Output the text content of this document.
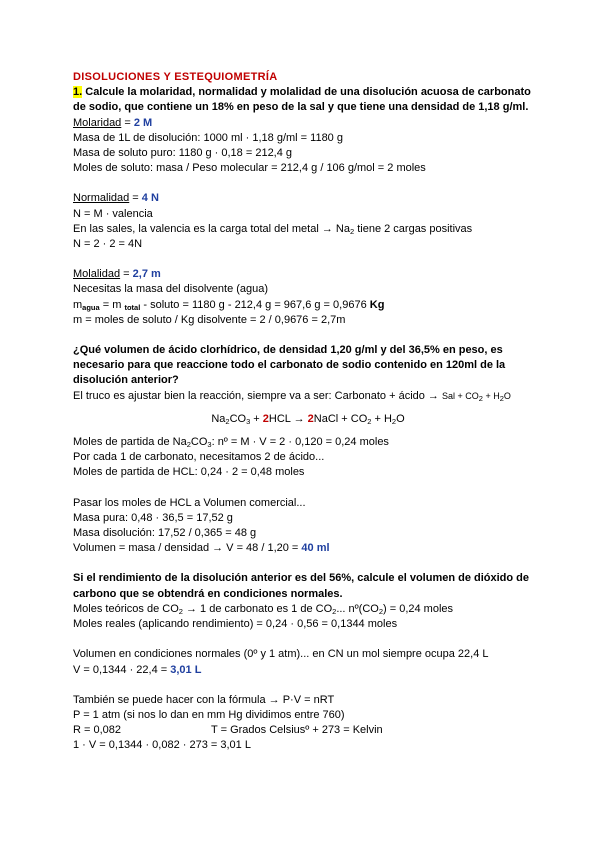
DISOLUCIONES Y ESTEQUIOMETRÍA
1. Calcule la molaridad, normalidad y molalidad de una disolución acuosa de carbonato de sodio, que contiene un 18% en peso de la sal y que tiene una densidad de 1,18 g/ml.
Molaridad = 2 M
Masa de 1L de disolución: 1000 ml · 1,18 g/ml = 1180 g
Masa de soluto puro: 1180 g · 0,18 = 212,4 g
Moles de soluto: masa / Peso molecular = 212,4 g / 106 g/mol = 2 moles
Normalidad = 4 N
N = M · valencia
En las sales, la valencia es la carga total del metal → $Na_2$ tiene 2 cargas positivas
N = 2 · 2 = 4N
Molalidad = 2,7 m
Necesitas la masa del disolvente (agua)
$m_{agua} = m$ $_{total}$ - soluto = 1180 g - 212,4 g = 967,6 g = 0,9676 Kg
m = moles de soluto / Kg disolvente = 2 / 0,9676 = 2,7m
¿Qué volumen de ácido clorhídrico, de densidad 1,20 g/ml y del 36,5% en peso, es necesario para que reaccione todo el carbonato de sodio contenido en 120ml de la disolución anterior?
El truco es ajustar bien la reacción, siempre va a ser: Carbonato + ácido → Sal + $CO_2 + H_2O$
$Na_2CO_3 + 2HCL$ → 2NaCl + $CO_2 + H_2O$
Moles de partida de $Na_2CO_3$: nº = M · V = 2 · 0,120 = 0,24 moles
Por cada 1 de carbonato, necesitamos 2 de ácido...
Moles de partida de HCL: 0,24 · 2 = 0,48 moles
Pasar los moles de HCL a Volumen comercial...
Masa pura: 0,48 · 36,5 = 17,52 g
Masa disolución: 17,52 / 0,365 = 48 g
Volumen = masa / densidad → V = 48 / 1,20 = 40 ml
Si el rendimiento de la disolución anterior es del 56%, calcule el volumen de dióxido de carbono que se obtendrá en condiciones normales.
Moles teóricos de $CO_2 \to 1$ de carbonato es 1 de $CO_2$... $nº(CO_2) = 0,24$ moles
Moles reales (aplicando rendimiento) = 0,24 · 0,56 = 0,1344 moles
Volumen en condiciones normales (0º y 1 atm)... en CN un mol siempre ocupa 22,4 L
V = 0,1344 · 22,4 = 3,01 L
También se puede hacer con la fórmula → P·V = nRT
P = 1 atm (si nos lo dan en mm Hg dividimos entre 760)
R = 0,082	T = Grados Celsiusº + 273 = Kelvin
1 · V = 0,1344 · 0,082 · 273 = 3,01 L
